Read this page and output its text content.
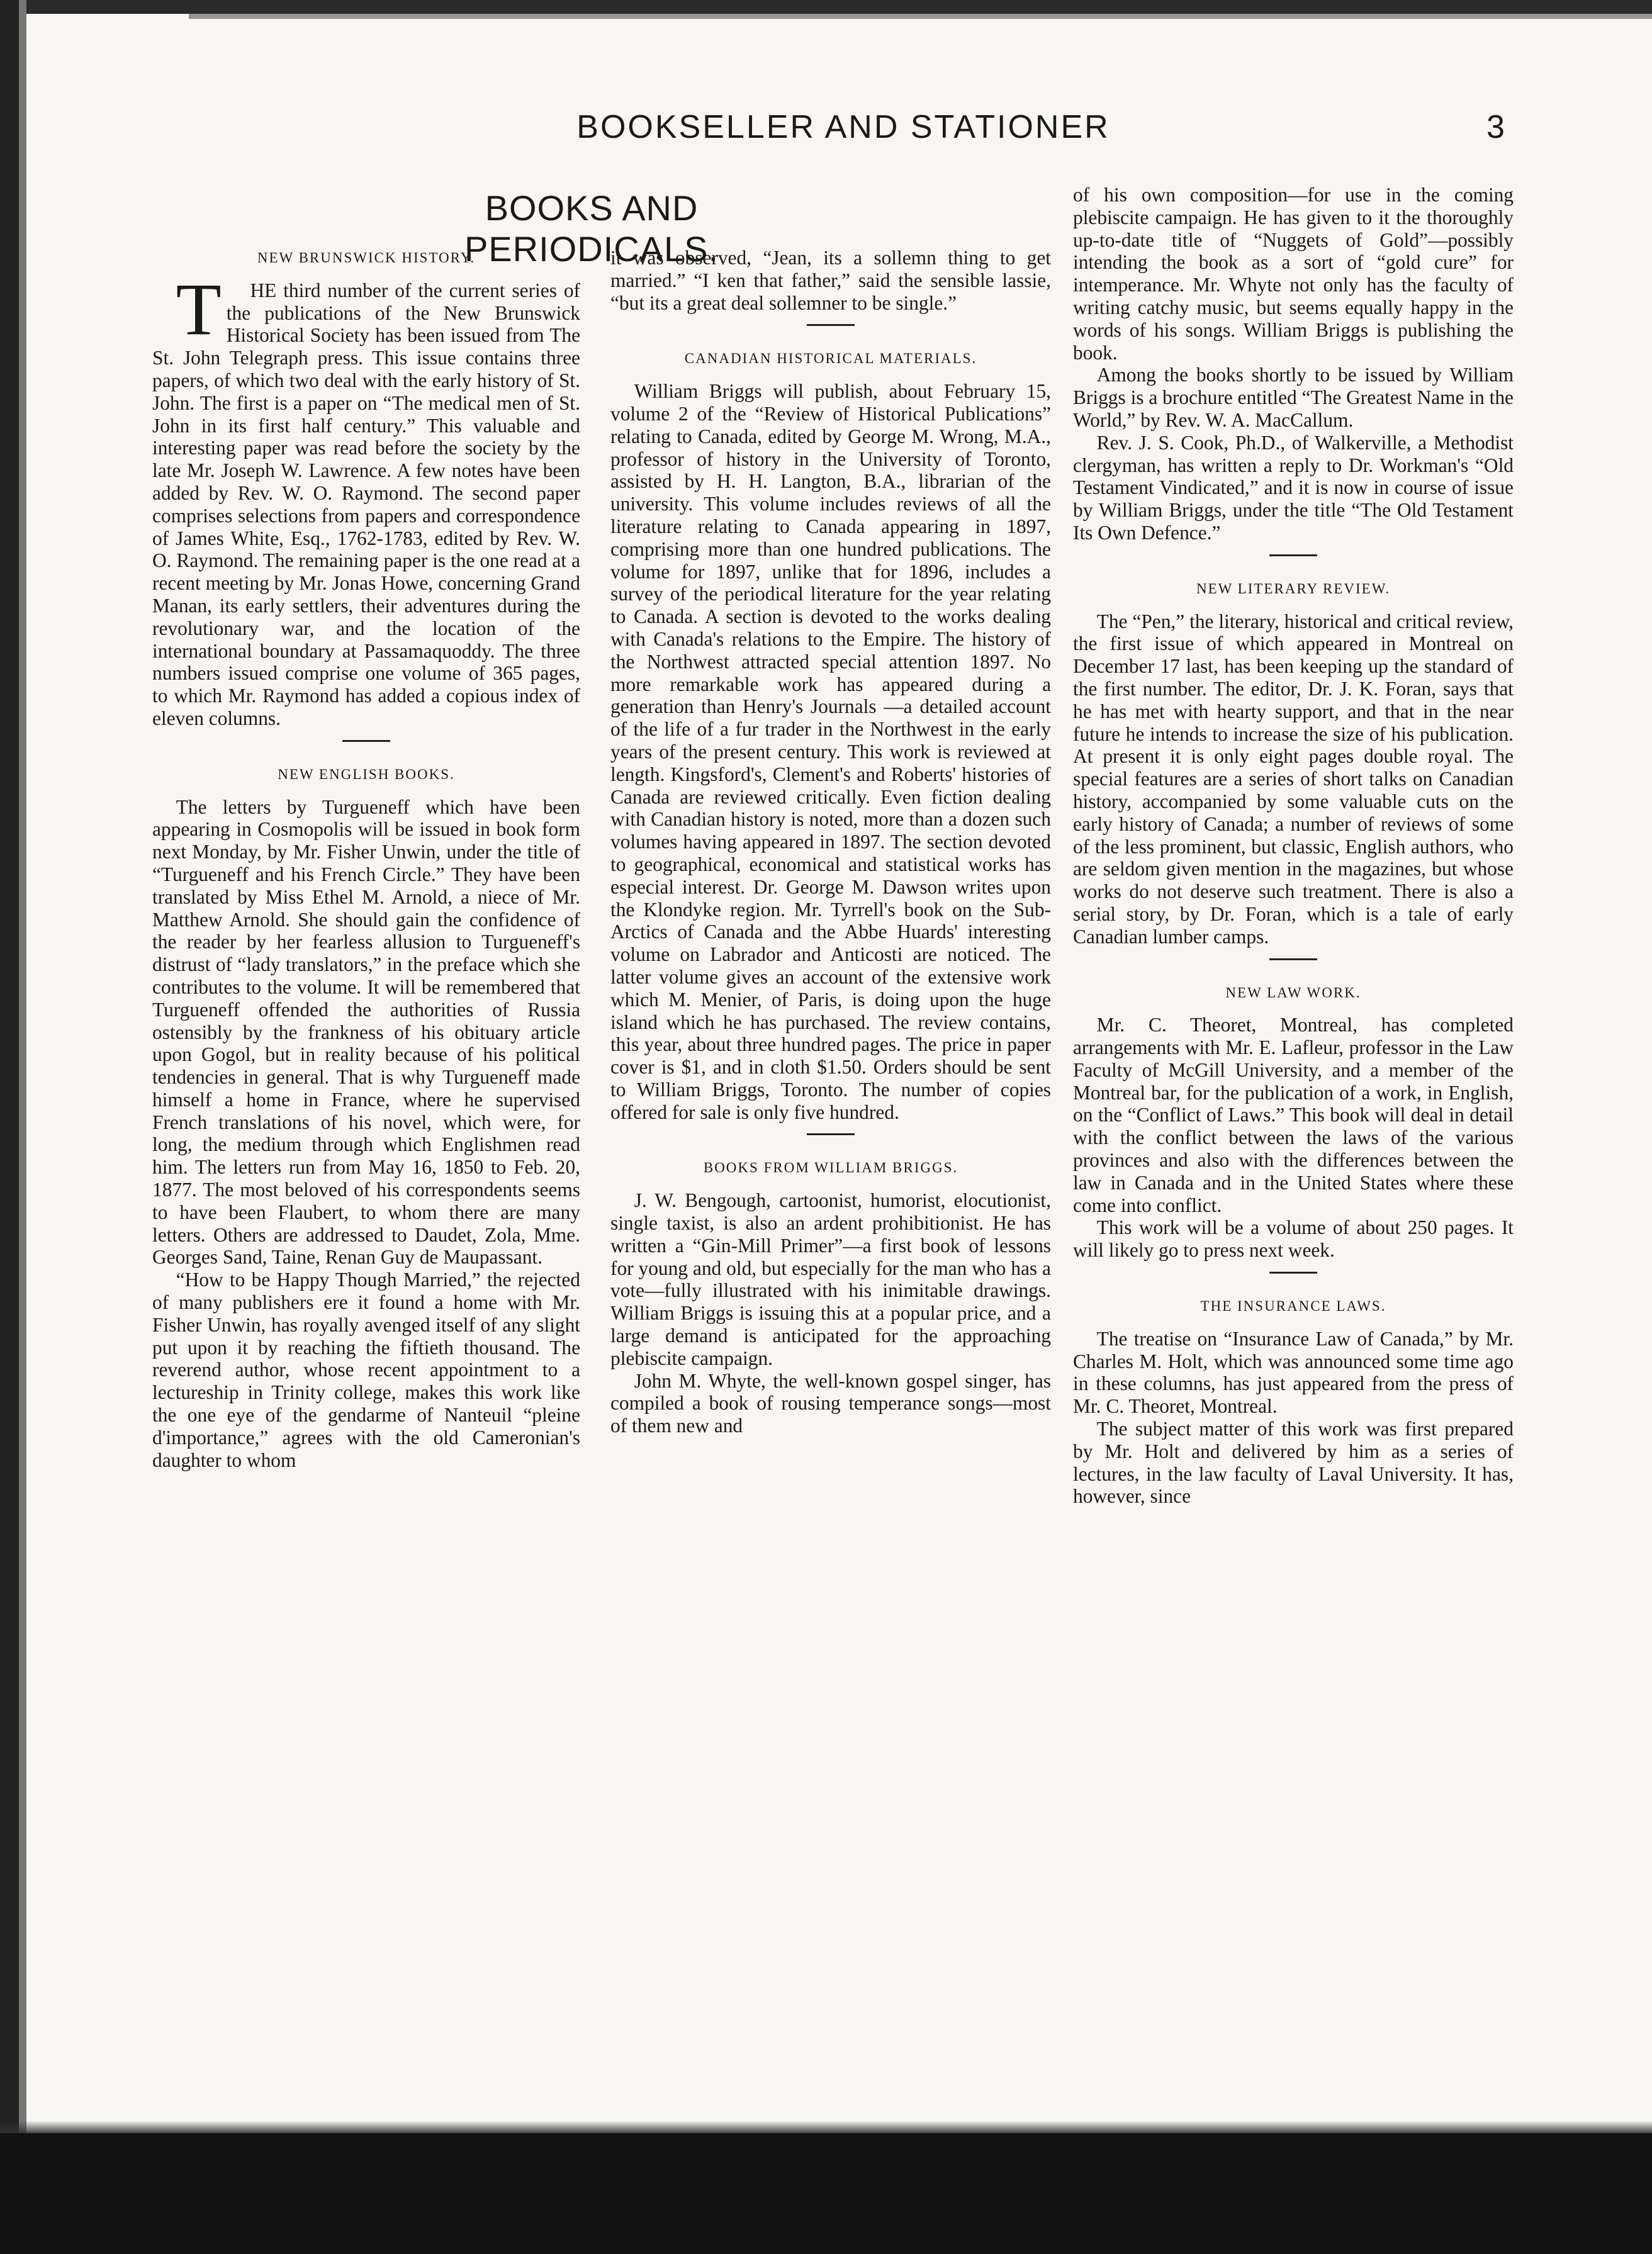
BOOKSELLER AND STATIONER	3
BOOKS AND PERIODICALS.
NEW BRUNSWICK HISTORY.

T HE third number of the current series of the publications of the New Brunswick Historical Society has been issued from The St. John Telegraph press. This issue contains three papers, of which two deal with the early history of St. John. The first is a paper on “The medical men of St. John in its first half century.” This valuable and interesting paper was read before the society by the late Mr. Joseph W. Lawrence. A few notes have been added by Rev. W. O. Raymond. The second paper comprises selections from papers and correspondence of James White, Esq., 1762-1783, edited by Rev. W. O. Raymond. The remaining paper is the one read at a recent meeting by Mr. Jonas Howe, concerning Grand Manan, its early settlers, their adventures during the revolutionary war, and the location of the international boundary at Passamaquoddy. The three numbers issued comprise one volume of 365 pages, to which Mr. Raymond has added a copious index of eleven columns.

NEW ENGLISH BOOKS.

The letters by Turgueneff which have been appearing in Cosmopolis will be issued in book form next Monday, by Mr. Fisher Unwin, under the title of “Turgueneff and his French Circle.” They have been translated by Miss Ethel M. Arnold, a niece of Mr. Matthew Arnold. She should gain the confidence of the reader by her fearless allusion to Turgueneff's distrust of “lady translators,” in the preface which she contributes to the volume. It will be remembered that Turgueneff offended the authorities of Russia ostensibly by the frankness of his obituary article upon Gogol, but in reality because of his political tendencies in general. That is why Turgueneff made himself a home in France, where he supervised French translations of his novel, which were, for long, the medium through which Englishmen read him. The letters run from May 16, 1850 to Feb. 20, 1877. The most beloved of his correspondents seems to have been Flaubert, to whom there are many letters. Others are addressed to Daudet, Zola, Mme. Georges Sand, Taine, Renan Guy de Maupassant.

“How to be Happy Though Married,” the rejected of many publishers ere it found a home with Mr. Fisher Unwin, has royally avenged itself of any slight put upon it by reaching the fiftieth thousand. The reverend author, whose recent appointment to a lectureship in Trinity college, makes this work like the one eye of the gendarme of Nanteuil “pleine d'importance,” agrees with the old Cameronian's daughter to whom

it was observed, “Jean, its a sollemn thing to get married.” “I ken that father,” said the sensible lassie, “but its a great deal sollemner to be single.”

CANADIAN HISTORICAL MATERIALS.

William Briggs will publish, about February 15, volume 2 of the “Review of Historical Publications” relating to Canada, edited by George M. Wrong, M.A., professor of history in the University of Toronto, assisted by H. H. Langton, B.A., librarian of the university. This volume includes reviews of all the literature relating to Canada appearing in 1897, comprising more than one hundred publications. The volume for 1897, unlike that for 1896, includes a survey of the periodical literature for the year relating to Canada. A section is devoted to the works dealing with Canada's relations to the Empire. The history of the Northwest attracted special attention 1897. No more remarkable work has appeared during a generation than Henry's Journals —a detailed account of the life of a fur trader in the Northwest in the early years of the present century. This work is reviewed at length. Kingsford's, Clement's and Roberts' histories of Canada are reviewed critically. Even fiction dealing with Canadian history is noted, more than a dozen such volumes having appeared in 1897. The section devoted to geographical, economical and statistical works has especial interest. Dr. George M. Dawson writes upon the Klondyke region. Mr. Tyrrell's book on the Sub-Arctics of Canada and the Abbe Huards' interesting volume on Labrador and Anticosti are noticed. The latter volume gives an account of the extensive work which M. Menier, of Paris, is doing upon the huge island which he has purchased. The review contains, this year, about three hundred pages. The price in paper cover is $1, and in cloth $1.50. Orders should be sent to William Briggs, Toronto. The number of copies offered for sale is only five hundred.

BOOKS FROM WILLIAM BRIGGS.

J. W. Bengough, cartoonist, humorist, elocutionist, single taxist, is also an ardent prohibitionist. He has written a “Gin-Mill Primer”—a first book of lessons for young and old, but especially for the man who has a vote—fully illustrated with his inimitable drawings. William Briggs is issuing this at a popular price, and a large demand is anticipated for the approaching plebiscite campaign.

John M. Whyte, the well-known gospel singer, has compiled a book of rousing temperance songs—most of them new and

of his own composition—for use in the coming plebiscite campaign. He has given to it the thoroughly up-to-date title of “Nuggets of Gold”—possibly intending the book as a sort of “gold cure” for intemperance. Mr. Whyte not only has the faculty of writing catchy music, but seems equally happy in the words of his songs. William Briggs is publishing the book.

Among the books shortly to be issued by William Briggs is a brochure entitled “The Greatest Name in the World,” by Rev. W. A. MacCallum.

Rev. J. S. Cook, Ph.D., of Walkerville, a Methodist clergyman, has written a reply to Dr. Workman's “Old Testament Vindicated,” and it is now in course of issue by William Briggs, under the title “The Old Testament Its Own Defence.”

NEW LITERARY REVIEW.

The “Pen,” the literary, historical and critical review, the first issue of which appeared in Montreal on December 17 last, has been keeping up the standard of the first number. The editor, Dr. J. K. Foran, says that he has met with hearty support, and that in the near future he intends to increase the size of his publication. At present it is only eight pages double royal. The special features are a series of short talks on Canadian history, accompanied by some valuable cuts on the early history of Canada; a number of reviews of some of the less prominent, but classic, English authors, who are seldom given mention in the magazines, but whose works do not deserve such treatment. There is also a serial story, by Dr. Foran, which is a tale of early Canadian lumber camps.

NEW LAW WORK.

Mr. C. Theoret, Montreal, has completed arrangements with Mr. E. Lafleur, professor in the Law Faculty of McGill University, and a member of the Montreal bar, for the publication of a work, in English, on the “Conflict of Laws.” This book will deal in detail with the conflict between the laws of the various provinces and also with the differences between the law in Canada and in the United States where these come into conflict.

This work will be a volume of about 250 pages. It will likely go to press next week.

THE INSURANCE LAWS.

The treatise on “Insurance Law of Canada,” by Mr. Charles M. Holt, which was announced some time ago in these columns, has just appeared from the press of Mr. C. Theoret, Montreal.

The subject matter of this work was first prepared by Mr. Holt and delivered by him as a series of lectures, in the law faculty of Laval University. It has, however, since
